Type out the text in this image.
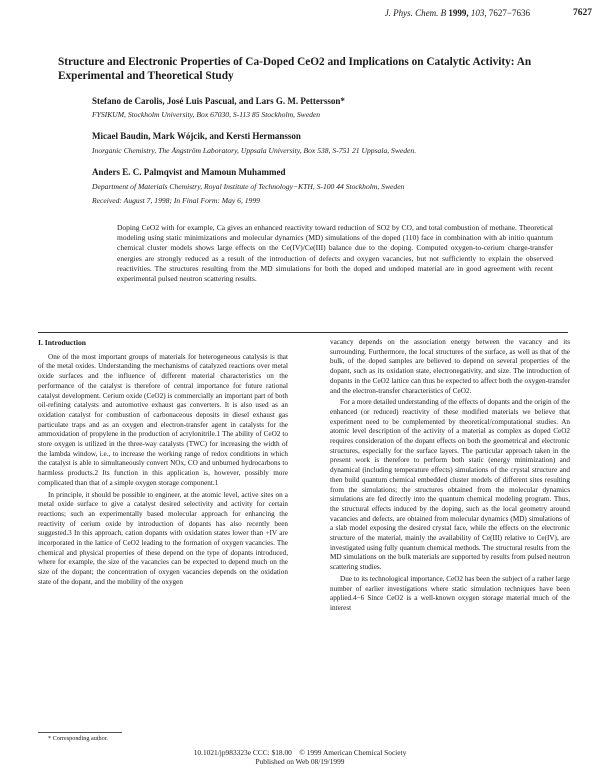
J. Phys. Chem. B 1999, 103, 7627−7636	7627
Structure and Electronic Properties of Ca-Doped CeO2 and Implications on Catalytic Activity: An Experimental and Theoretical Study
Stefano de Carolis, José Luis Pascual, and Lars G. M. Pettersson*
FYSIKUM, Stockholm University, Box 67030, S-113 85 Stockholm, Sweden
Micael Baudin, Mark Wójcik, and Kersti Hermansson
Inorganic Chemistry, The Ångström Laboratory, Uppsala University, Box 538, S-751 21 Uppsala, Sweden.
Anders E. C. Palmqvist and Mamoun Muhammed
Department of Materials Chemistry, Royal Institute of Technology−KTH, S-100 44 Stockholm, Sweden
Received: August 7, 1998; In Final Form: May 6, 1999
Doping CeO2 with for example, Ca gives an enhanced reactivity toward reduction of SO2 by CO, and total combustion of methane. Theoretical modeling using static minimizations and molecular dynamics (MD) simulations of the doped (110) face in combination with ab initio quantum chemical cluster models shows large effects on the Ce(IV)/Ce(III) balance due to the doping. Computed oxygen-to-cerium charge-transfer energies are strongly reduced as a result of the introduction of defects and oxygen vacancies, but not sufficiently to explain the observed reactivities. The structures resulting from the MD simulations for both the doped and undoped material are in good agreement with recent experimental pulsed neutron scattering results.
I. Introduction

One of the most important groups of materials for heterogeneous catalysis is that of the metal oxides. Understanding the mechanisms of catalyzed reactions over metal oxide surfaces and the influence of different material characteristics on the performance of the catalyst is therefore of central importance for future rational catalyst development. Cerium oxide (CeO2) is commercially an important part of both oil-refining catalysts and automotive exhaust gas converters. It is also used as an oxidation catalyst for combustion of carbonaceous deposits in diesel exhaust gas particulate traps and as an oxygen and electron-transfer agent in catalysts for the ammoxidation of propylene in the production of acrylonitrile.1 The ability of CeO2 to store oxygen is utilized in the three-way catalysts (TWC) for increasing the width of the lambda window, i.e., to increase the working range of redox conditions in which the catalyst is able to simultaneously convert NOx, CO and unburned hydrocarbons to harmless products.2 Its function in this application is, however, possibly more complicated than that of a simple oxygen storage component.1

In principle, it should be possible to engineer, at the atomic level, active sites on a metal oxide surface to give a catalyst desired selectivity and activity for certain reactions; such an experimentally based molecular approach for enhancing the reactivity of cerium oxide by introduction of dopants has also recently been suggested.3 In this approach, cation dopants with oxidation states lower than +IV are incorporated in the lattice of CeO2 leading to the formation of oxygen vacancies. The chemical and physical properties of these depend on the type of dopants introduced, where for example, the size of the vacancies can be expected to depend much on the size of the dopant; the concentration of oxygen vacancies depends on the oxidation state of the dopant, and the mobility of the oxygen

vacancy depends on the association energy between the vacancy and its surrounding. Furthermore, the local structures of the surface, as well as that of the bulk, of the doped samples are believed to depend on several properties of the dopant, such as its oxidation state, electronegativity, and size. The introduction of dopants in the CeO2 lattice can thus be expected to affect both the oxygen-transfer and the electron-transfer characteristics of CeO2.

For a more detailed understanding of the effects of dopants and the origin of the enhanced (or reduced) reactivity of these modified materials we believe that experiment need to be complemented by theoretical/computational studies. An atomic level description of the activity of a material as complex as doped CeO2 requires consideration of the dopant effects on both the geometrical and electronic structures, especially for the surface layers. The particular approach taken in the present work is therefore to perform both static (energy minimization) and dynamical (including temperature effects) simulations of the crystal structure and then build quantum chemical embedded cluster models of different sites resulting from the simulations; the structures obtained from the molecular dynamics simulations are fed directly into the quantum chemical modeling program. Thus, the structural effects induced by the doping, such as the local geometry around vacancies and defects, are obtained from molecular dynamics (MD) simulations of a slab model exposing the desired crystal face, while the effects on the electronic structure of the material, mainly the availability of Ce(III) relative to Ce(IV), are investigated using fully quantum chemical methods. The structural results from the MD simulations on the bulk materials are supported by results from pulsed neutron scattering studies.

Due to its technological importance, CeO2 has been the subject of a rather large number of earlier investigations where static simulation techniques have been applied.4−6 Since CeO2 is a well-known oxygen storage material much of the interest

* Corresponding author.
10.1021/jp983323e CCC: $18.00    © 1999 American Chemical Society
Published on Web 08/19/1999
